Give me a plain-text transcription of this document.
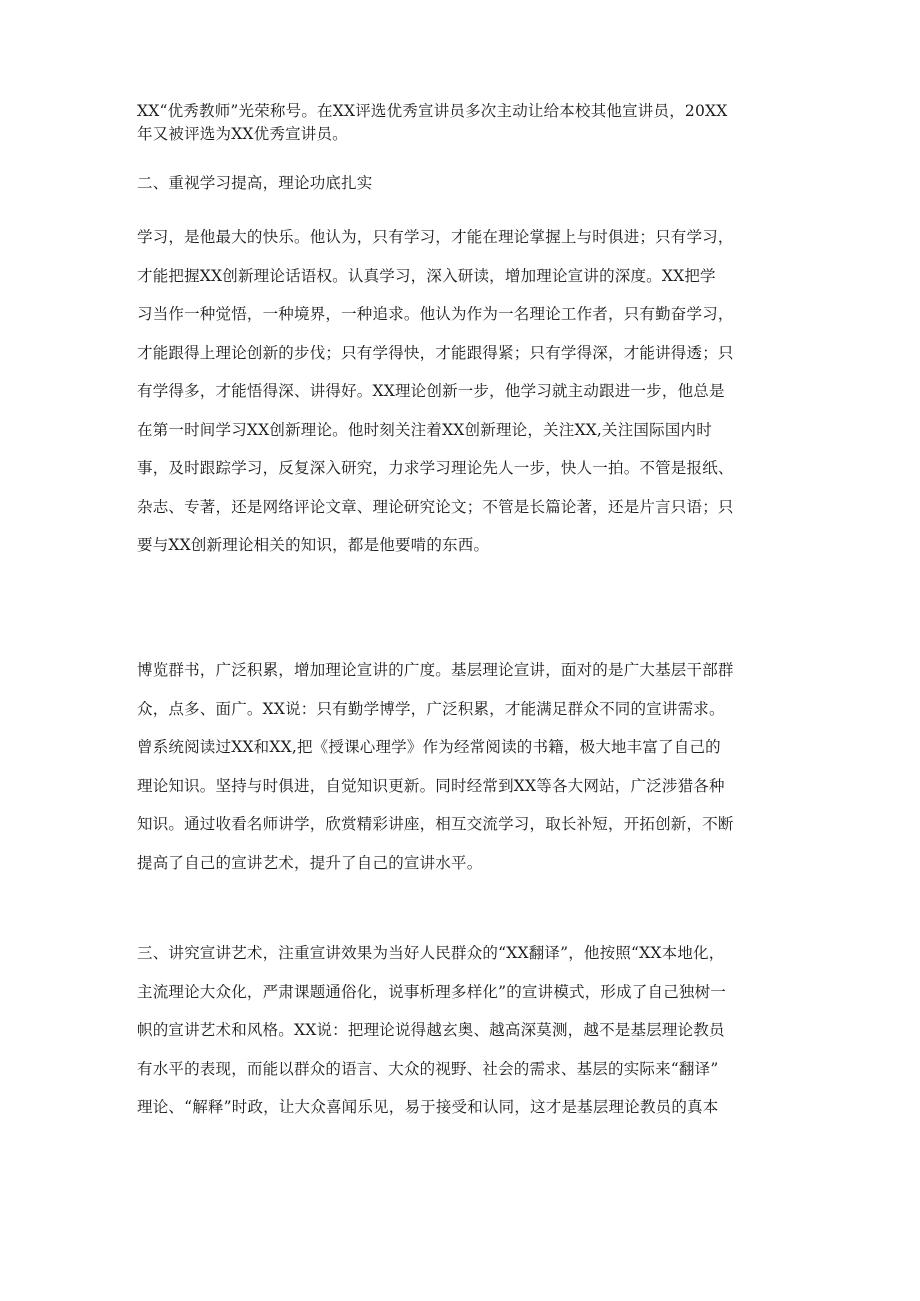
XX“优秀教师”光荣称号。在XX评选优秀宣讲员多次主动让给本校其他宣讲员，20XX
年又被评选为XX优秀宣讲员。
二、重视学习提高，理论功底扎实
学习，是他最大的快乐。他认为，只有学习，才能在理论掌握上与时俱进；只有学习，
才能把握XX创新理论话语权。认真学习，深入研读，增加理论宣讲的深度。XX把学
习当作一种觉悟，一种境界，一种追求。他认为作为一名理论工作者，只有勤奋学习，
才能跟得上理论创新的步伐；只有学得快，才能跟得紧；只有学得深，才能讲得透；只
有学得多，才能悟得深、讲得好。XX理论创新一步，他学习就主动跟进一步，他总是
在第一时间学习XX创新理论。他时刻关注着XX创新理论，关注XX,关注国际国内时
事，及时跟踪学习，反复深入研究，力求学习理论先人一步，快人一拍。不管是报纸、
杂志、专著，还是网络评论文章、理论研究论文；不管是长篇论著，还是片言只语；只
要与XX创新理论相关的知识，都是他要啃的东西。
博览群书，广泛积累，增加理论宣讲的广度。基层理论宣讲，面对的是广大基层干部群
众，点多、面广。XX说：只有勤学博学，广泛积累，才能满足群众不同的宣讲需求。
曾系统阅读过XX和XX,把《授课心理学》作为经常阅读的书籍，极大地丰富了自己的
理论知识。坚持与时俱进，自觉知识更新。同时经常到XX等各大网站，广泛涉猎各种
知识。通过收看名师讲学，欣赏精彩讲座，相互交流学习，取长补短，开拓创新，不断
提高了自己的宣讲艺术，提升了自己的宣讲水平。
三、讲究宣讲艺术，注重宣讲效果为当好人民群众的“XX翻译”，他按照“XX本地化，
主流理论大众化，严肃课题通俗化，说事析理多样化”的宣讲模式，形成了自己独树一
帜的宣讲艺术和风格。XX说：把理论说得越玄奥、越高深莫测，越不是基层理论教员
有水平的表现，而能以群众的语言、大众的视野、社会的需求、基层的实际来“翻译”
理论、“解释”时政，让大众喜闻乐见，易于接受和认同，这才是基层理论教员的真本
